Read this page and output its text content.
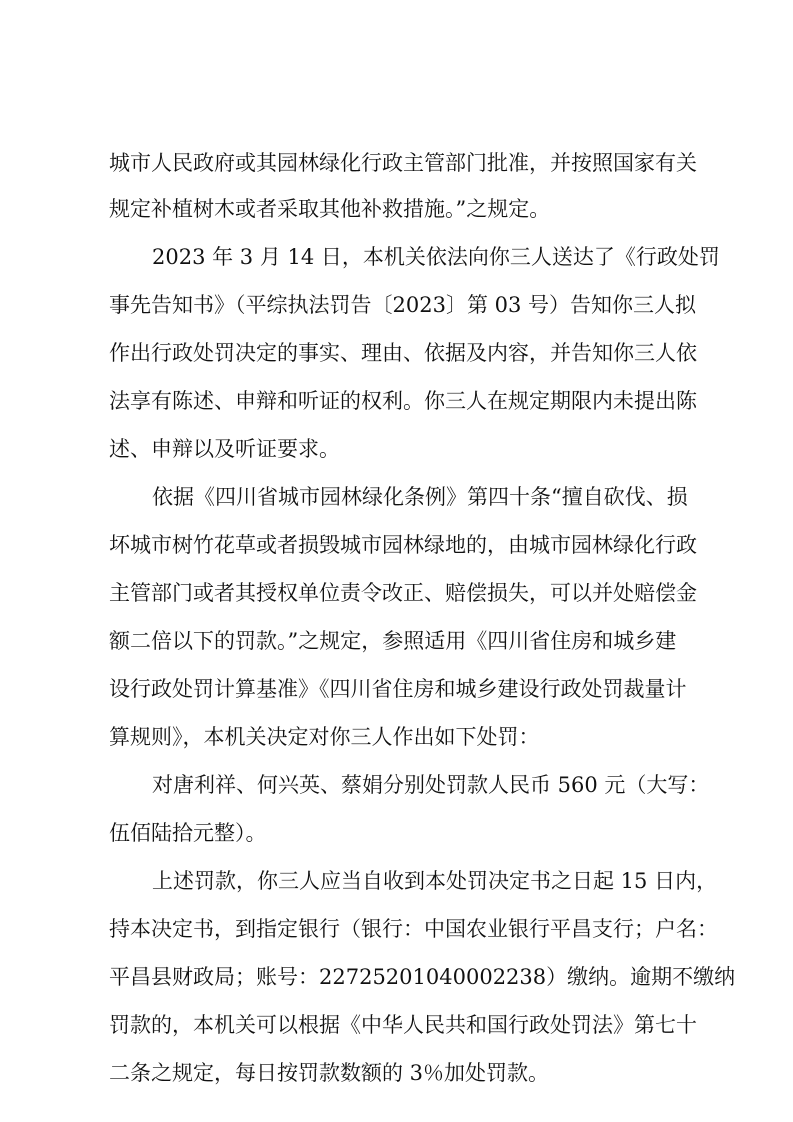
城市人民政府或其园林绿化行政主管部门批准，并按照国家有关

规定补植树木或者采取其他补救措施。”之规定。

2023 年 3 月 14 日，本机关依法向你三人送达了《行政处罚

事先告知书》（平综执法罚告〔2023〕第 03 号）告知你三人拟

作出行政处罚决定的事实、理由、依据及内容，并告知你三人依

法享有陈述、申辩和听证的权利。你三人在规定期限内未提出陈

述、申辩以及听证要求。

依据《四川省城市园林绿化条例》第四十条“擅自砍伐、损

坏城市树竹花草或者损毁城市园林绿地的，由城市园林绿化行政

主管部门或者其授权单位责令改正、赔偿损失，可以并处赔偿金

额二倍以下的罚款。”之规定，参照适用《四川省住房和城乡建

设行政处罚计算基准》《四川省住房和城乡建设行政处罚裁量计

算规则》，本机关决定对你三人作出如下处罚：

对唐利祥、何兴英、蔡娟分别处罚款人民币 560 元（大写：

伍佰陆拾元整）。

上述罚款，你三人应当自收到本处罚决定书之日起 15 日内，

持本决定书，到指定银行（银行：中国农业银行平昌支行；户名：

平昌县财政局；账号：22725201040002238）缴纳。逾期不缴纳

罚款的，本机关可以根据《中华人民共和国行政处罚法》第七十

二条之规定，每日按罚款数额的 3％加处罚款。
